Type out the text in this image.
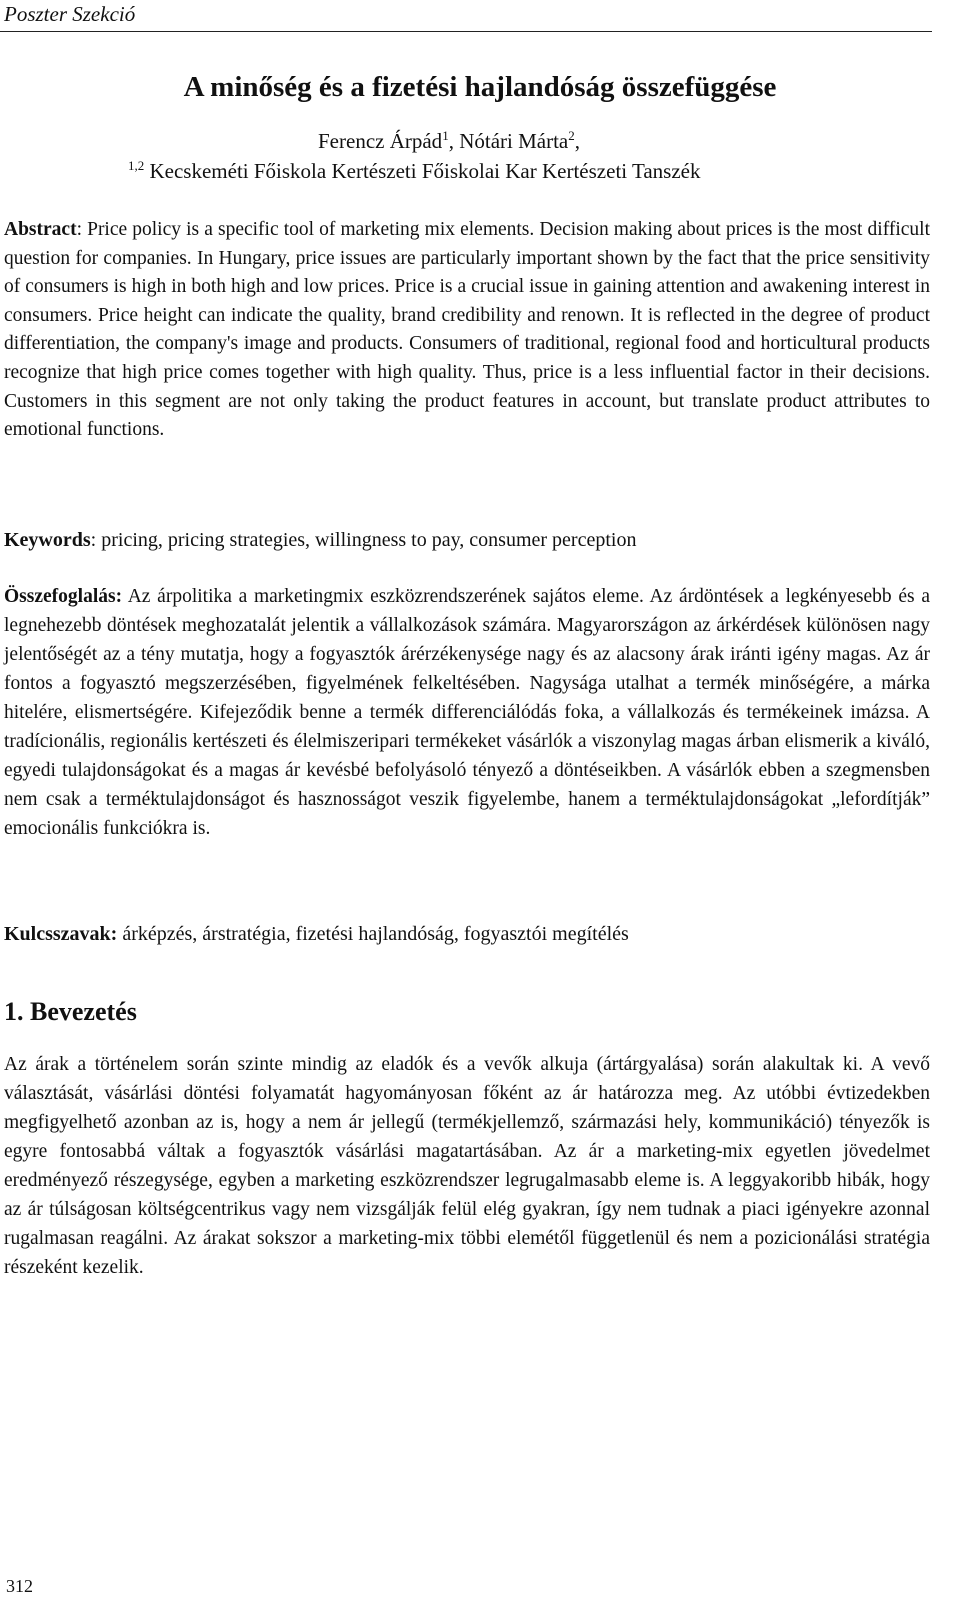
Poszter Szekció
A minőség és a fizetési hajlandóság összefüggése
Ferencz Árpád$^1$, Nótári Márta$^2$,
$^{1,2}$ Kecskeméti Főiskola Kertészeti Főiskolai Kar Kertészeti Tanszék
Abstract: Price policy is a specific tool of marketing mix elements. Decision making about prices is the most difficult question for companies. In Hungary, price issues are particularly important shown by the fact that the price sensitivity of consumers is high in both high and low prices. Price is a crucial issue in gaining attention and awakening interest in consumers. Price height can indicate the quality, brand credibility and renown. It is reflected in the degree of product differentiation, the company's image and products. Consumers of traditional, regional food and horticultural products recognize that high price comes together with high quality. Thus, price is a less influential factor in their decisions. Customers in this segment are not only taking the product features in account, but translate product attributes to emotional functions.
Keywords: pricing, pricing strategies, willingness to pay, consumer perception
Összefoglalás: Az árpolitika a marketingmix eszközrendszerének sajátos eleme. Az árdöntések a legkényesebb és a legnehezebb döntések meghozatalát jelentik a vállalkozások számára. Magyarországon az árkérdések különösen nagy jelentőségét az a tény mutatja, hogy a fogyasztók árérzékenysége nagy és az alacsony árak iránti igény magas. Az ár fontos a fogyasztó megszerzésében, figyelmének felkeltésében. Nagysága utalhat a termék minőségére, a márka hitelére, elismertségére. Kifejeződik benne a termék differenciálódás foka, a vállalkozás és termékeinek imázsa. A tradícionális, regionális kertészeti és élelmiszeripari termékeket vásárlók a viszonylag magas árban elismerik a kiváló, egyedi tulajdonságokat és a magas ár kevésbé befolyásoló tényező a döntéseikben. A vásárlók ebben a szegmensben nem csak a terméktulajdonságot és hasznosságot veszik figyelembe, hanem a terméktulajdonságokat „lefordítják” emocionális funkciókra is.
Kulcsszavak: árképzés, árstratégia, fizetési hajlandóság, fogyasztói megítélés
1. Bevezetés
Az árak a történelem során szinte mindig az eladók és a vevők alkuja (ártárgyalása) során alakultak ki. A vevő választását, vásárlási döntési folyamatát hagyományosan főként az ár határozza meg. Az utóbbi évtizedekben megfigyelhető azonban az is, hogy a nem ár jellegű (termékjellemző, származási hely, kommunikáció) tényezők is egyre fontosabbá váltak a fogyasztók vásárlási magatartásában. Az ár a marketing-mix egyetlen jövedelmet eredményező részegysége, egyben a marketing eszközrendszer legrugalmasabb eleme is. A leggyakoribb hibák, hogy az ár túlságosan költségcentrikus vagy nem vizsgálják felül elég gyakran, így nem tudnak a piaci igényekre azonnal rugalmasan reagálni. Az árakat sokszor a marketing-mix többi elemétől függetlenül és nem a pozicionálási stratégia részeként kezelik.
312
